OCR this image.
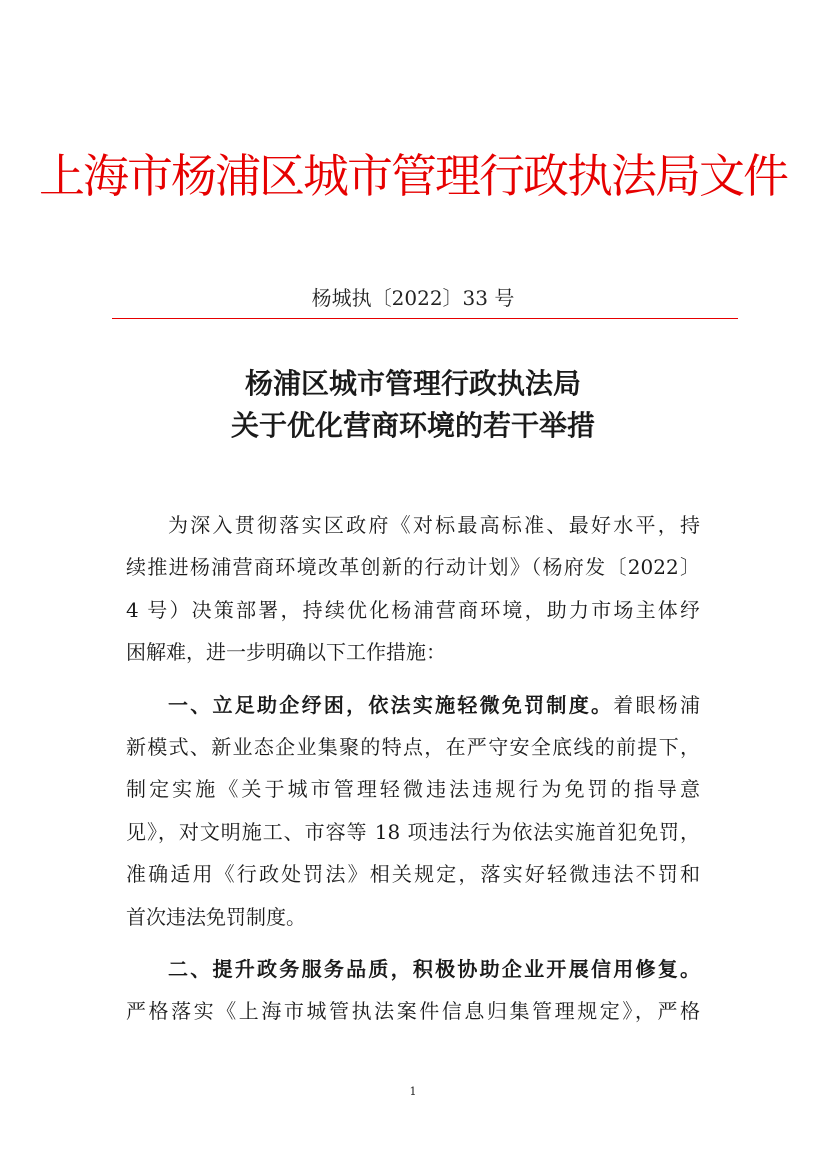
上海市杨浦区城市管理行政执法局文件
杨城执〔2022〕33 号
杨浦区城市管理行政执法局
关于优化营商环境的若干举措
为深入贯彻落实区政府《对标最高标准、最好水平，持
续推进杨浦营商环境改革创新的行动计划》（杨府发〔2022〕
4 号）决策部署，持续优化杨浦营商环境，助力市场主体纾
困解难，进一步明确以下工作措施：
一、立足助企纾困，依法实施轻微免罚制度。着眼杨浦
新模式、新业态企业集聚的特点，在严守安全底线的前提下，
制定实施《关于城市管理轻微违法违规行为免罚的指导意
见》，对文明施工、市容等 18 项违法行为依法实施首犯免罚，
准确适用《行政处罚法》相关规定，落实好轻微违法不罚和
首次违法免罚制度。
二、提升政务服务品质，积极协助企业开展信用修复。
严格落实《上海市城管执法案件信息归集管理规定》，严格
1
